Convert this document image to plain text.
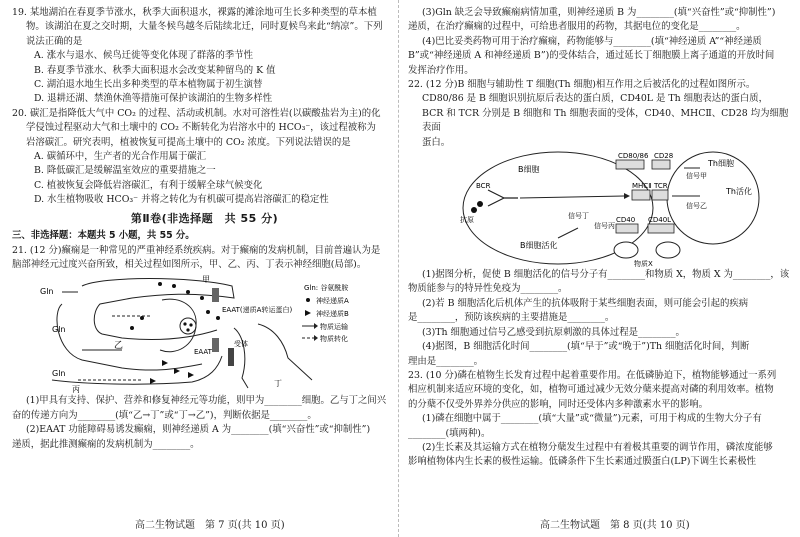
19. 某地湖泊在春夏季节涨水，秋季大面积退水，裸露的滩涂地可生长多种类型的草本植

物。该湖泊在夏之交时期，大量冬候鸟越冬后陆续北迁，同时夏候鸟来此“纳凉”。下列

说法正确的是

A. 涨水与退水、候鸟迁徙等变化体现了群落的季节性

B. 春夏季节涨水、秋季大面积退水会改变某种留鸟的 K 值

C. 湖泊退水地生长出多种类型的草本植物属于初生演替

D. 退耕还湖、禁渔休渔等措施可保护该湖泊的生物多样性

20. 碳汇是指降低大气中 CO₂ 的过程、活动或机制。水对可溶性岩(以碳酸盐岩为主)的化

学侵蚀过程驱动大气和土壤中的 CO₂ 不断转化为岩溶水中的 HCO₃⁻，该过程被称为

岩溶碳汇。研究表明，植被恢复可提高土壤中的 CO₂ 浓度。下列说法错误的是

A. 碳循环中，生产者的光合作用属于碳汇

B. 降低碳汇是缓解温室效应的重要措施之一

C. 植被恢复会降低岩溶碳汇，有利于缓解全球气候变化

D. 水生植物吸收 HCO₃⁻ 并将之转化为有机碳可提高岩溶碳汇的稳定性

第Ⅱ卷(非选择题　共 55 分)

三、非选择题：本题共 5 小题，共 55 分。

21. (12 分)癫痫是一种常见的严重神经系统疾病。对于癫痫的发病机制，目前普遍认为是

脑部神经元过度兴奋所致，相关过程如图所示，甲、乙、丙、丁表示神经细胞(局部)。

甲
Gln
Gln
Gln
乙
丙
丁
EAAT(递质A转运蛋白)
EAAT
受体
Gln: 谷氨酰胺
神经递质A
神经递质B
物质运输
物质转化

(1)甲具有支持、保护、营养和修复神经元等功能，则甲为________细胞。乙与丁之间兴

奋的传递方向为________(填“乙→丁”或“丁→乙”)，判断依据是________。

(2)EAAT 功能障碍易诱发癫痫，则神经递质 A 为________(填“兴奋性”或“抑制性”)

递质，据此推测癫痫的发病机制为________。

(3)Gln 缺乏会导致癫痫病情加重，则神经递质 B 为________(填“兴奋性”或“抑制性”)

递质，在治疗癫痫的过程中，可给患者服用的药物，其据电位的变化是________。

(4)巴比妥类药物可用于治疗癫痫，药物能够与________(填“神经递质 A”“神经递质

B”或“神经递质 A 和神经递质 B”)的受体结合，通过延长丁细胞膜上离子通道的开放时间

发挥治疗作用。

22. (12 分)B 细胞与辅助性 T 细胞(Th 细胞)相互作用之后被活化的过程如图所示。

CD80/86 是 B 细胞识别抗原后表达的蛋白质，CD40L 是 Th 细胞表达的蛋白质，

BCR 和 TCR 分别是 B 细胞和 Th 细胞表面的受体，CD40、MHCⅡ、CD28 均为细胞表面

蛋白。

B细胞
Th细胞
CD80/86 CD28
信号甲
MHCⅡ TCR
信号乙
Th活化
BCR
抗原	信号丁
信号丙
CD40 CD40L
B细胞活化
物质X

(1)据图分析，促使 B 细胞活化的信号分子有________和物质 X，物质 X 为________，该

物质能参与的特异性免疫为________。

(2)若 B 细胞活化后机体产生的抗体吸附于某些细胞表面，则可能会引起的疾病

是________，预防该疾病的主要措施是________。

(3)Th 细胞通过信号乙感受到抗原刺激的具体过程是________。

(4)据图，B 细胞活化时间________(填“早于”或“晚于”)Th 细胞活化时间，判断

理由是________。

23. (10 分)磷在植物生长发育过程中起着重要作用。在低磷胁迫下，植物能够通过一系列

相应机制来适应环境的变化，如，植物可通过减少无效分蘖来提高对磷的利用效率。植物

的分蘖不仅受外界养分供应的影响，同时还受体内多种激素水平的影响。

(1)磷在细胞中属于________(填“大量”或“微量”)元素，可用于构成的生物大分子有

________(填两种)。

(2)生长素及其运输方式在植物分蘖发生过程中有着极其重要的调节作用，磷浓度能够

影响植物体内生长素的极性运输。低磷条件下生长素通过膜蛋白(LP)下调生长素极性

高二生物试题　第 7 页(共 10 页)	高二生物试题　第 8 页(共 10 页)
